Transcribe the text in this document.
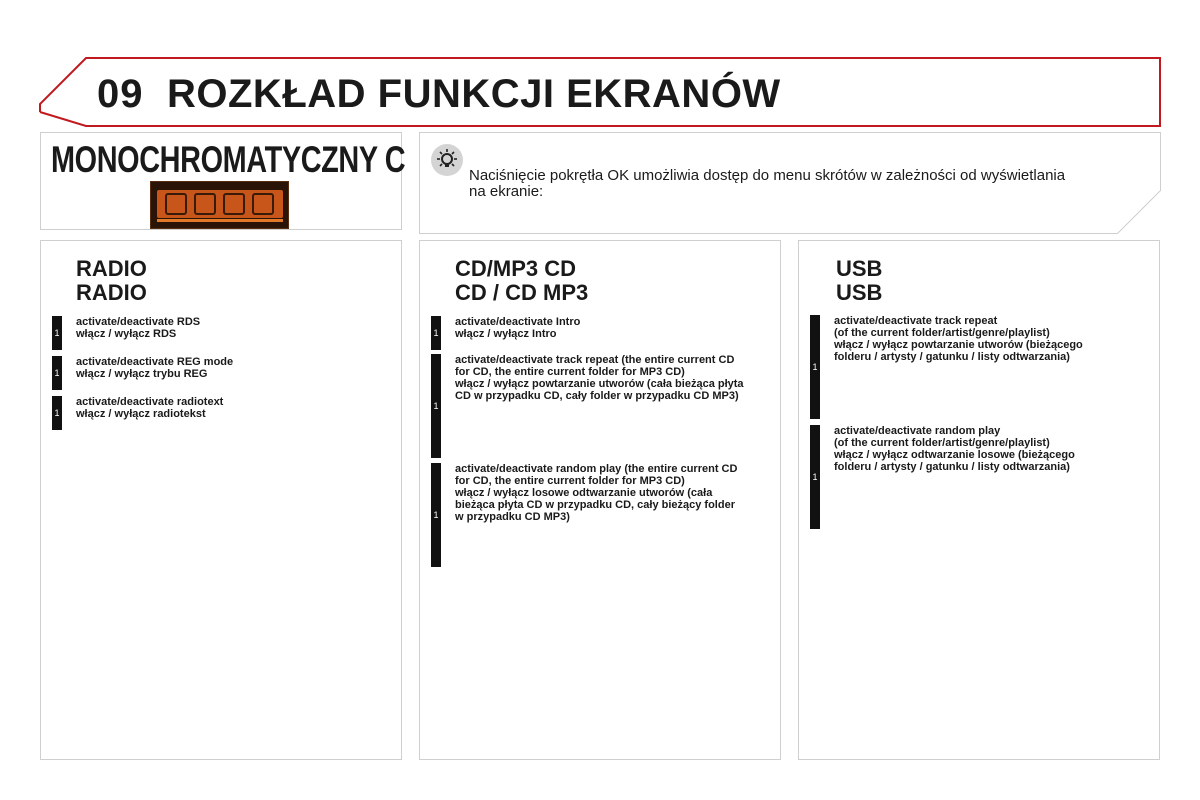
09 ROZKŁAD FUNKCJI EKRANÓW
MONOCHROMATYCZNY C	Naciśnięcie pokrętła OK umożliwia dostęp do menu skrótów w zależności od wyświetlania na ekranie:
RADIO
RADIO
1
activate/deactivate RDS
włącz / wyłącz RDS
1
activate/deactivate REG mode
włącz / wyłącz trybu REG
1
activate/deactivate radiotext
włącz / wyłącz radiotekst
CD/MP3 CD
CD / CD MP3
1
activate/deactivate Intro
włącz / wyłącz Intro
1
activate/deactivate track repeat (the entire current CD
for CD, the entire current folder for MP3 CD)
włącz / wyłącz powtarzanie utworów (cała bieżąca płyta
CD w przypadku CD, cały folder w przypadku CD MP3)
1
activate/deactivate random play (the entire current CD
for CD, the entire current folder for MP3 CD)
włącz / wyłącz losowe odtwarzanie utworów (cała
bieżąca płyta CD w przypadku CD, cały bieżący folder
w przypadku CD MP3)
USB
USB
1
activate/deactivate track repeat
(of the current folder/artist/genre/playlist)
włącz / wyłącz powtarzanie utworów (bieżącego
folderu / artysty / gatunku / listy odtwarzania)
1
activate/deactivate random play
(of the current folder/artist/genre/playlist)
włącz / wyłącz odtwarzanie losowe (bieżącego
folderu / artysty / gatunku / listy odtwarzania)
